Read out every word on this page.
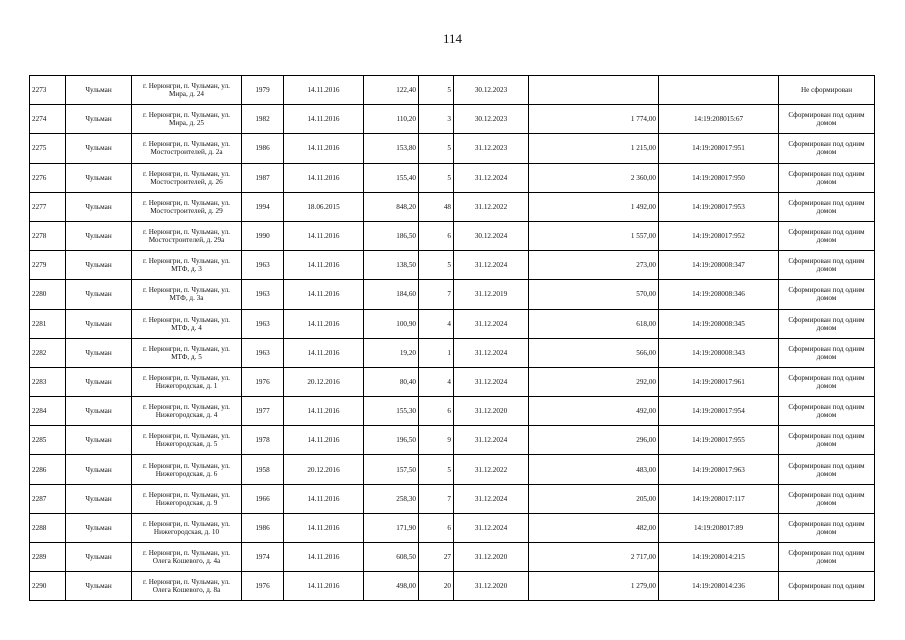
114
2273	Чульман	г. Нерюнгри, п. Чульман, ул. Мира, д. 24	1979	14.11.2016	122,40	5	30.12.2023			Не сформирован
2274	Чульман	г. Нерюнгри, п. Чульман, ул. Мира, д. 25	1982	14.11.2016	110,20	3	30.12.2023	1 774,00	14:19:208015:67	Сформирован под одним домом
2275	Чульман	г. Нерюнгри, п. Чульман, ул. Мостостроителей, д. 2а	1986	14.11.2016	153,80	5	31.12.2023	1 215,00	14:19:208017:951	Сформирован под одним домом
2276	Чульман	г. Нерюнгри, п. Чульман, ул. Мостостроителей, д. 26	1987	14.11.2016	155,40	5	31.12.2024	2 360,00	14:19:208017:950	Сформирован под одним домом
2277	Чульман	г. Нерюнгри, п. Чульман, ул. Мостостроителей, д. 29	1994	18.06.2015	848,20	48	31.12.2022	1 492,00	14:19:208017:953	Сформирован под одним домом
2278	Чульман	г. Нерюнгри, п. Чульман, ул. Мостостроителей, д. 29а	1990	14.11.2016	186,50	6	30.12.2024	1 557,00	14:19:208017:952	Сформирован под одним домом
2279	Чульман	г. Нерюнгри, п. Чульман, ул. МТФ, д. 3	1963	14.11.2016	138,50	5	31.12.2024	273,00	14:19:208008:347	Сформирован под одним домом
2280	Чульман	г. Нерюнгри, п. Чульман, ул. МТФ, д. 3а	1963	14.11.2016	184,60	7	31.12.2019	570,00	14:19:208008:346	Сформирован под одним домом
2281	Чульман	г. Нерюнгри, п. Чульман, ул. МТФ, д. 4	1963	14.11.2016	100,90	4	31.12.2024	618,00	14:19:208008:345	Сформирован под одним домом
2282	Чульман	г. Нерюнгри, п. Чульман, ул. МТФ, д. 5	1963	14.11.2016	19,20	1	31.12.2024	566,00	14:19:208008:343	Сформирован под одним домом
2283	Чульман	г. Нерюнгри, п. Чульман, ул. Нижегородская, д. 1	1976	20.12.2016	80,40	4	31.12.2024	292,00	14:19:208017:961	Сформирован под одним домом
2284	Чульман	г. Нерюнгри, п. Чульман, ул. Нижегородская, д. 4	1977	14.11.2016	155,30	6	31.12.2020	492,00	14:19:208017:954	Сформирован под одним домом
2285	Чульман	г. Нерюнгри, п. Чульман, ул. Нижегородская, д. 5	1978	14.11.2016	196,50	9	31.12.2024	296,00	14:19:208017:955	Сформирован под одним домом
2286	Чульман	г. Нерюнгри, п. Чульман, ул. Нижегородская, д. 6	1958	20.12.2016	157,50	5	31.12.2022	483,00	14:19:208017:963	Сформирован под одним домом
2287	Чульман	г. Нерюнгри, п. Чульман, ул. Нижегородская, д. 9	1966	14.11.2016	258,30	7	31.12.2024	205,00	14:19:208017:117	Сформирован под одним домом
2288	Чульман	г. Нерюнгри, п. Чульман, ул. Нижегородская, д. 10	1986	14.11.2016	171,90	6	31.12.2024	482,00	14:19:208017:89	Сформирован под одним домом
2289	Чульман	г. Нерюнгри, п. Чульман, ул. Олега Кошевого, д. 4а	1974	14.11.2016	608,50	27	31.12.2020	2 717,00	14:19:208014:215	Сформирован под одним домом
2290	Чульман	г. Нерюнгри, п. Чульман, ул. Олега Кошевого, д. 8а	1976	14.11.2016	498,00	20	31.12.2020	1 279,00	14:19:208014:236	Сформирован под одним
